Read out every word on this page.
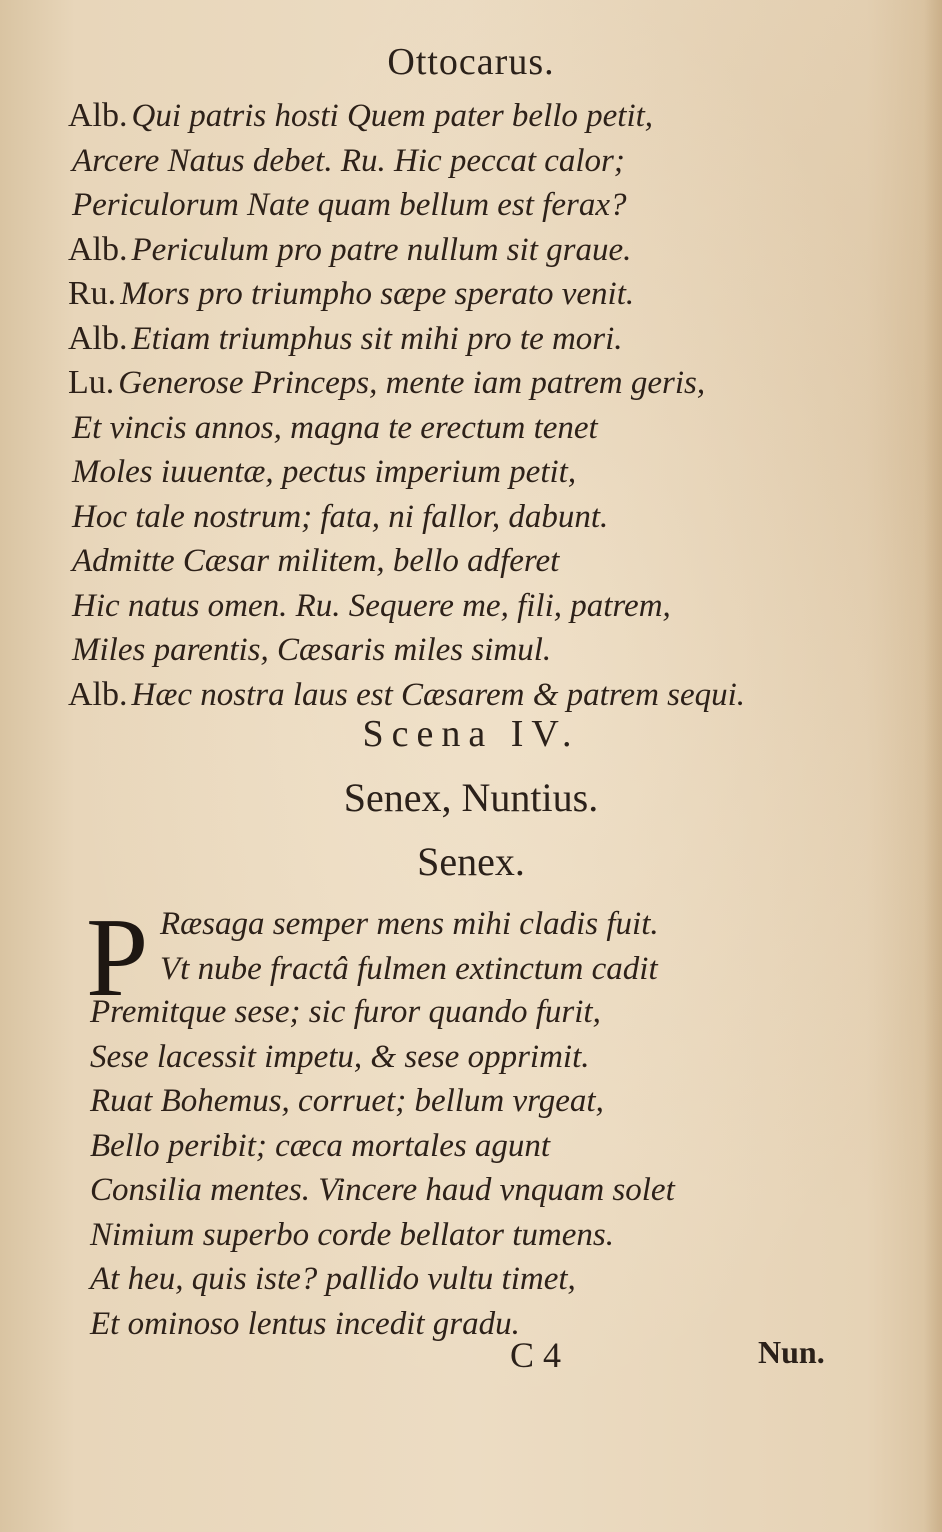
Ottocarus.
Alb. Qui patris hosti Quem pater bello petit,
Arcere Natus debet. Ru. Hic peccat calor;
Periculorum Nate quam bellum est ferax?
Alb. Periculum pro patre nullum sit graue.
Ru. Mors pro triumpho sæpe sperato venit.
Alb. Etiam triumphus sit mihi pro te mori.
Lu. Generose Princeps, mente iam patrem geris,
Et vincis annos, magna te erectum tenet
Moles iuuentæ, pectus imperium petit,
Hoc tale nostrum; fata, ni fallor, dabunt.
Admitte Cæsar militem, bello adferet
Hic natus omen. Ru. Sequere me, fili, patrem,
Miles parentis, Cæsaris miles simul.
Alb. Hæc nostra laus est Cæsarem & patrem sequi.
Scena IV.
Senex, Nuntius.
Senex.
P Ræsaga semper mens mihi cladis fuit.
Vt nube fractâ fulmen extinctum cadit
Premitque sese; sic furor quando furit,
Sese lacessit impetu, & sese opprimit.
Ruat Bohemus, corruet; bellum vrgeat,
Bello peribit; cæca mortales agunt
Consilia mentes. Vincere haud vnquam solet
Nimium superbo corde bellator tumens.
At heu, quis iste? pallido vultu timet,
Et ominoso lentus incedit gradu.
C 4	Nun.
